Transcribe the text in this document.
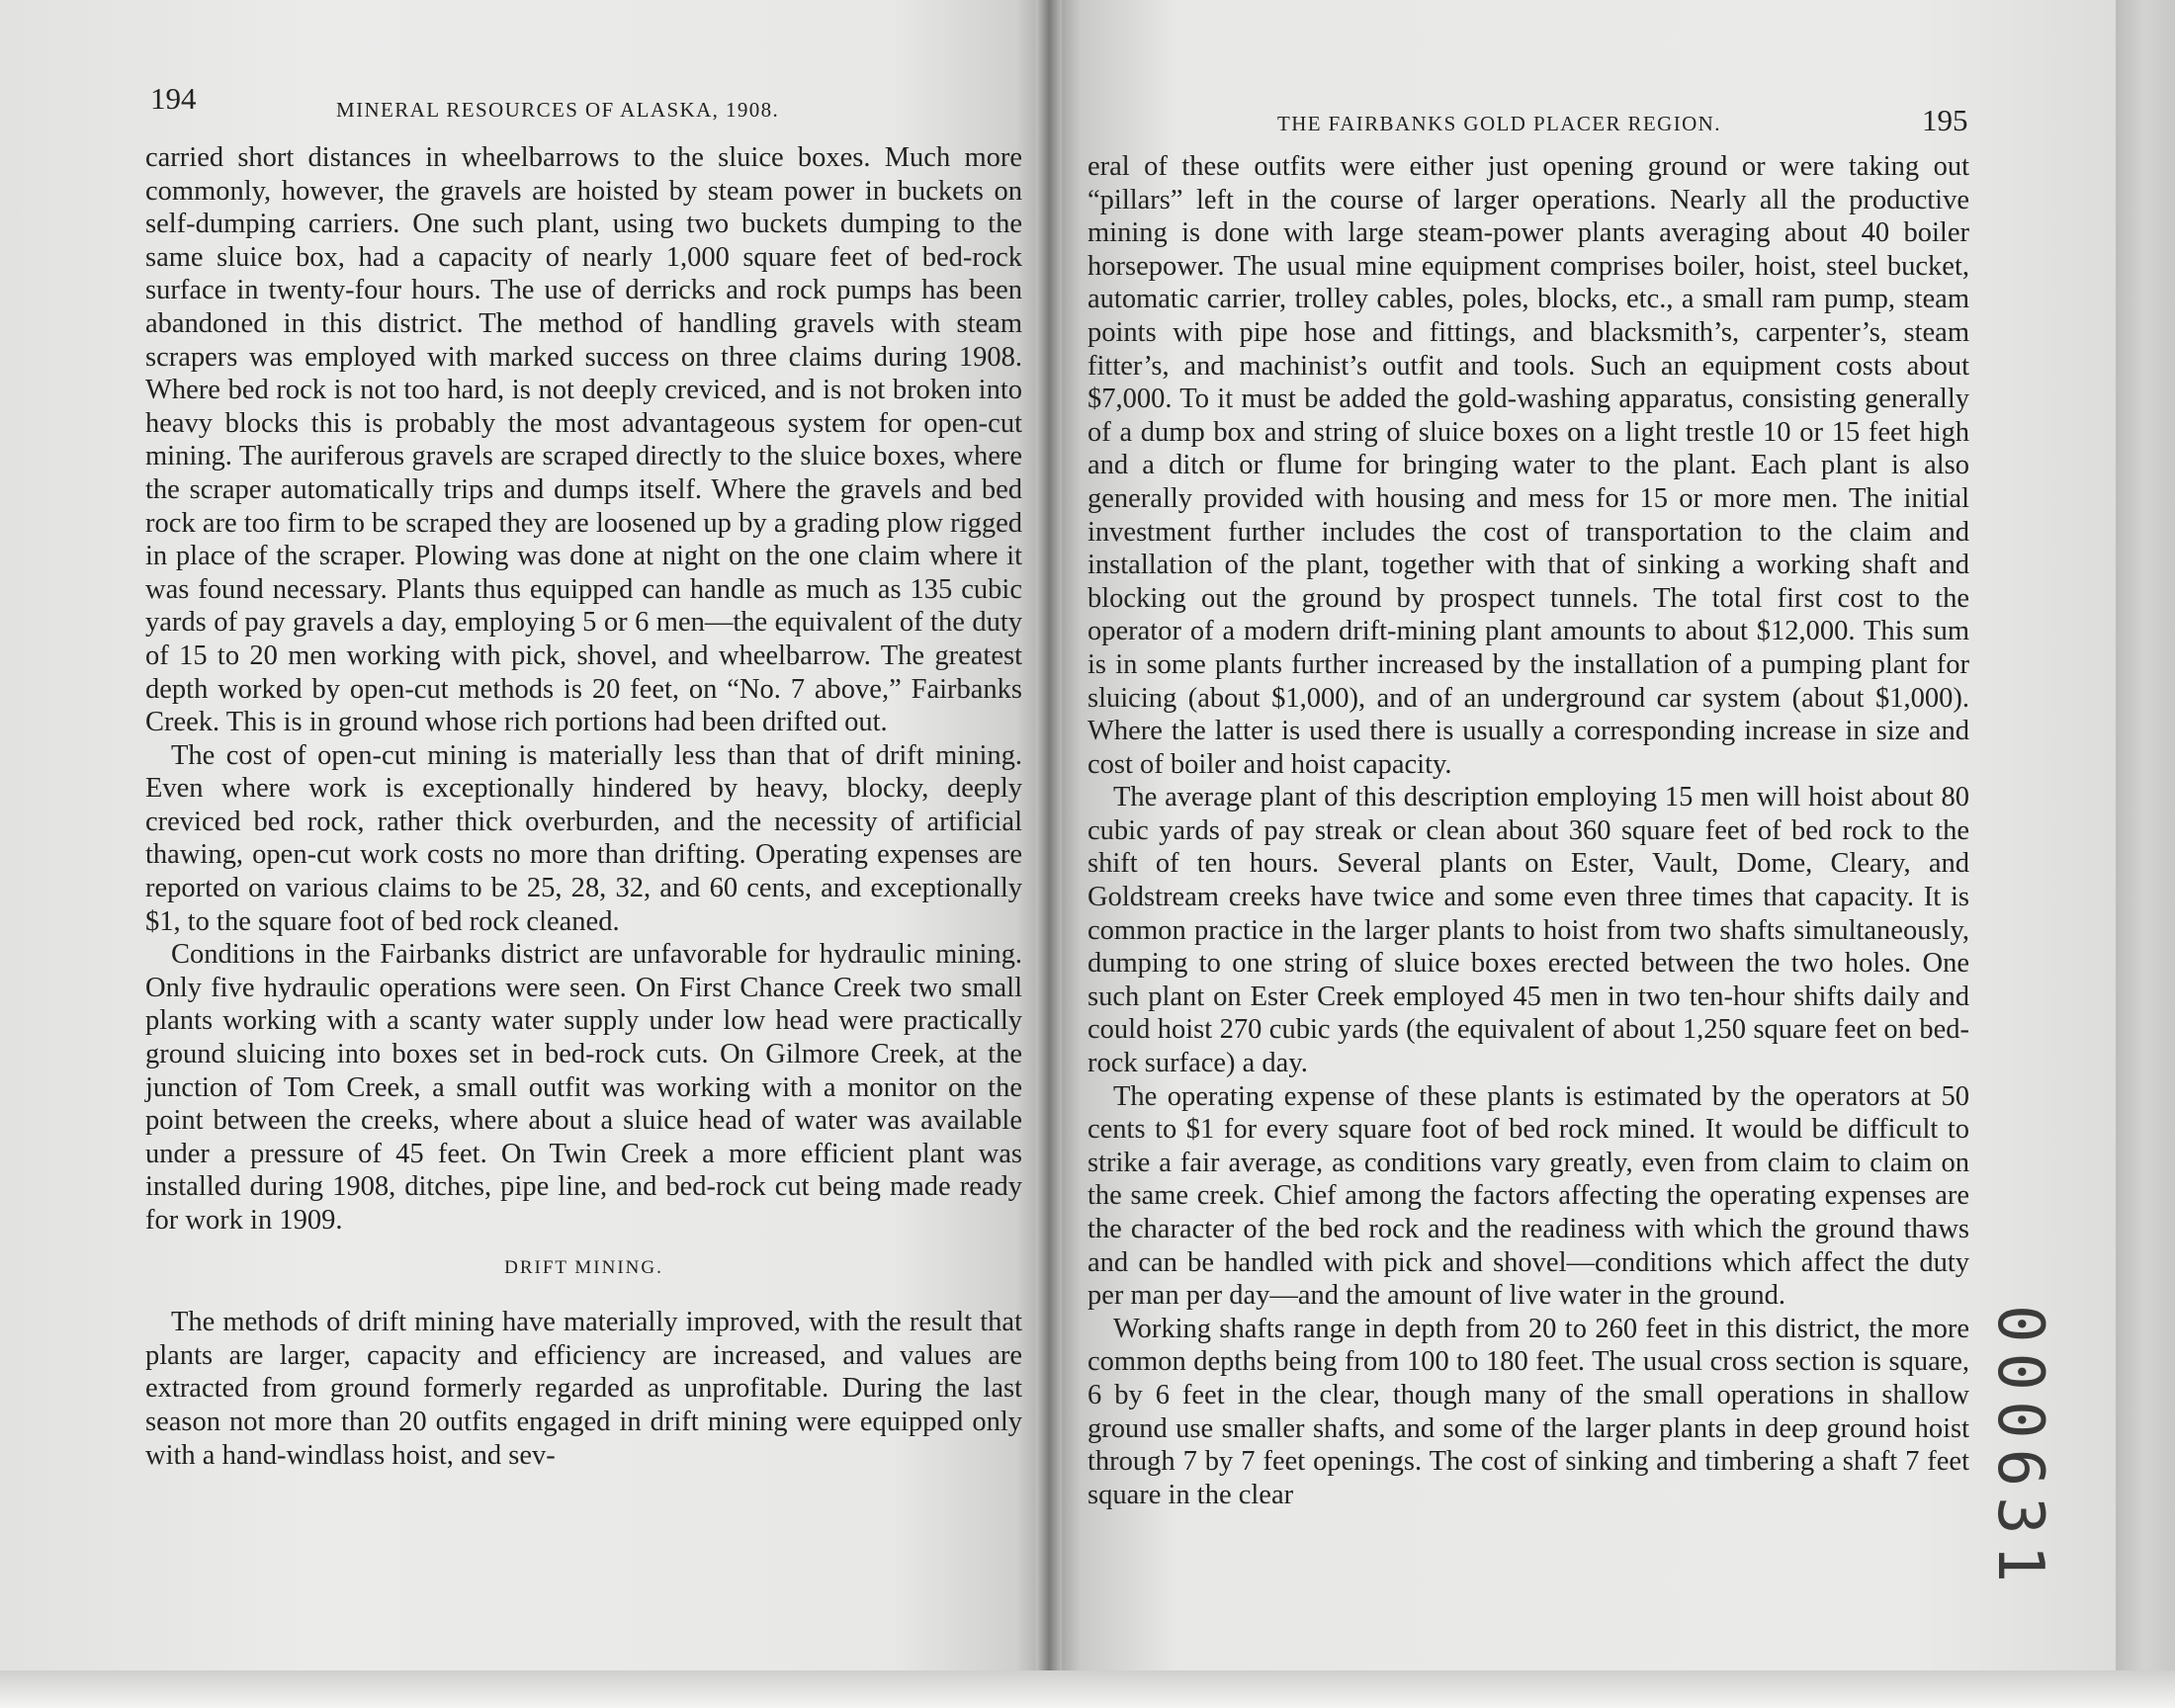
194	MINERAL RESOURCES OF ALASKA, 1908.

carried short distances in wheelbarrows to the sluice boxes. Much more commonly, however, the gravels are hoisted by steam power in buckets on self-dumping carriers. One such plant, using two buckets dumping to the same sluice box, had a capacity of nearly 1,000 square feet of bed-rock surface in twenty-four hours. The use of derricks and rock pumps has been abandoned in this district. The method of handling gravels with steam scrapers was employed with marked success on three claims during 1908. Where bed rock is not too hard, is not deeply creviced, and is not broken into heavy blocks this is probably the most advantageous system for open-cut mining. The auriferous gravels are scraped directly to the sluice boxes, where the scraper automatically trips and dumps itself. Where the gravels and bed rock are too firm to be scraped they are loosened up by a grading plow rigged in place of the scraper. Plowing was done at night on the one claim where it was found necessary. Plants thus equipped can handle as much as 135 cubic yards of pay gravels a day, employing 5 or 6 men—the equivalent of the duty of 15 to 20 men working with pick, shovel, and wheelbarrow. The greatest depth worked by open-cut methods is 20 feet, on “No. 7 above,” Fairbanks Creek. This is in ground whose rich portions had been drifted out.

The cost of open-cut mining is materially less than that of drift mining. Even where work is exceptionally hindered by heavy, blocky, deeply creviced bed rock, rather thick overburden, and the necessity of artificial thawing, open-cut work costs no more than drifting. Operating expenses are reported on various claims to be 25, 28, 32, and 60 cents, and exceptionally $1, to the square foot of bed rock cleaned.

Conditions in the Fairbanks district are unfavorable for hydraulic mining. Only five hydraulic operations were seen. On First Chance Creek two small plants working with a scanty water supply under low head were practically ground sluicing into boxes set in bed-rock cuts. On Gilmore Creek, at the junction of Tom Creek, a small outfit was working with a monitor on the point between the creeks, where about a sluice head of water was available under a pressure of 45 feet. On Twin Creek a more efficient plant was installed during 1908, ditches, pipe line, and bed-rock cut being made ready for work in 1909.

DRIFT MINING.

The methods of drift mining have materially improved, with the result that plants are larger, capacity and efficiency are increased, and values are extracted from ground formerly regarded as unprofitable. During the last season not more than 20 outfits engaged in drift mining were equipped only with a hand-windlass hoist, and sev-

THE FAIRBANKS GOLD PLACER REGION.	195

eral of these outfits were either just opening ground or were taking out “pillars” left in the course of larger operations. Nearly all the productive mining is done with large steam-power plants averaging about 40 boiler horsepower. The usual mine equipment comprises boiler, hoist, steel bucket, automatic carrier, trolley cables, poles, blocks, etc., a small ram pump, steam points with pipe hose and fittings, and blacksmith’s, carpenter’s, steam fitter’s, and machinist’s outfit and tools. Such an equipment costs about $7,000. To it must be added the gold-washing apparatus, consisting generally of a dump box and string of sluice boxes on a light trestle 10 or 15 feet high and a ditch or flume for bringing water to the plant. Each plant is also generally provided with housing and mess for 15 or more men. The initial investment further includes the cost of transportation to the claim and installation of the plant, together with that of sinking a working shaft and blocking out the ground by prospect tunnels. The total first cost to the operator of a modern drift-mining plant amounts to about $12,000. This sum is in some plants further increased by the installation of a pumping plant for sluicing (about $1,000), and of an underground car system (about $1,000). Where the latter is used there is usually a corresponding increase in size and cost of boiler and hoist capacity.

The average plant of this description employing 15 men will hoist about 80 cubic yards of pay streak or clean about 360 square feet of bed rock to the shift of ten hours. Several plants on Ester, Vault, Dome, Cleary, and Goldstream creeks have twice and some even three times that capacity. It is common practice in the larger plants to hoist from two shafts simultaneously, dumping to one string of sluice boxes erected between the two holes. One such plant on Ester Creek employed 45 men in two ten-hour shifts daily and could hoist 270 cubic yards (the equivalent of about 1,250 square feet on bed-rock surface) a day.

The operating expense of these plants is estimated by the operators at 50 cents to $1 for every square foot of bed rock mined. It would be difficult to strike a fair average, as conditions vary greatly, even from claim to claim on the same creek. Chief among the factors affecting the operating expenses are the character of the bed rock and the readiness with which the ground thaws and can be handled with pick and shovel—conditions which affect the duty per man per day—and the amount of live water in the ground.

Working shafts range in depth from 20 to 260 feet in this district, the more common depths being from 100 to 180 feet. The usual cross section is square, 6 by 6 feet in the clear, though many of the small operations in shallow ground use smaller shafts, and some of the larger plants in deep ground hoist through 7 by 7 feet openings. The cost of sinking and timbering a shaft 7 feet square in the clear	000631
